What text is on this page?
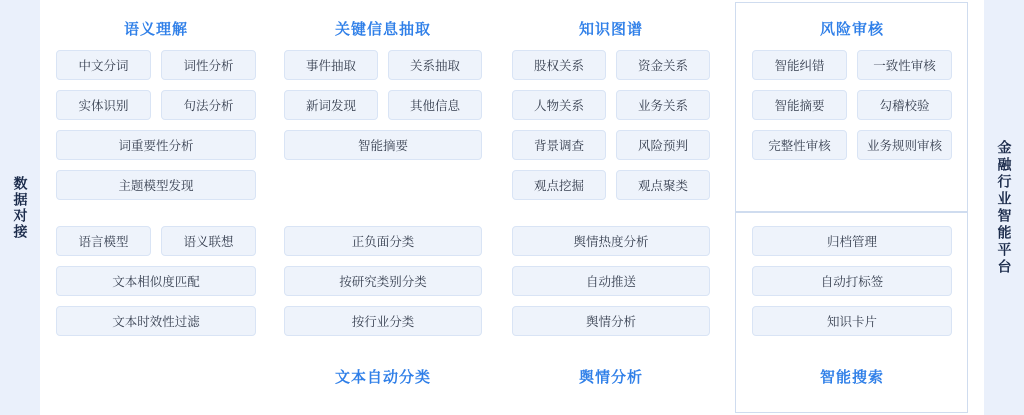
数据对接	金融行业智能平台
语义理解
中文分词	词性分析
实体识别	句法分析
词重要性分析
主题模型发现
语言模型	语义联想
文本相似度匹配
文本时效性过滤
关键信息抽取
事件抽取	关系抽取
新词发现	其他信息
智能摘要
正负面分类
按研究类别分类
按行业分类
文本自动分类
知识图谱
股权关系	资金关系
人物关系	业务关系
背景调查	风险预判
观点挖掘	观点聚类
舆情热度分析
自动推送
舆情分析
舆情分析
风险审核
智能纠错	一致性审核
智能摘要	勾稽校验
完整性审核	业务规则审核
归档管理
自动打标签
知识卡片
智能搜索
